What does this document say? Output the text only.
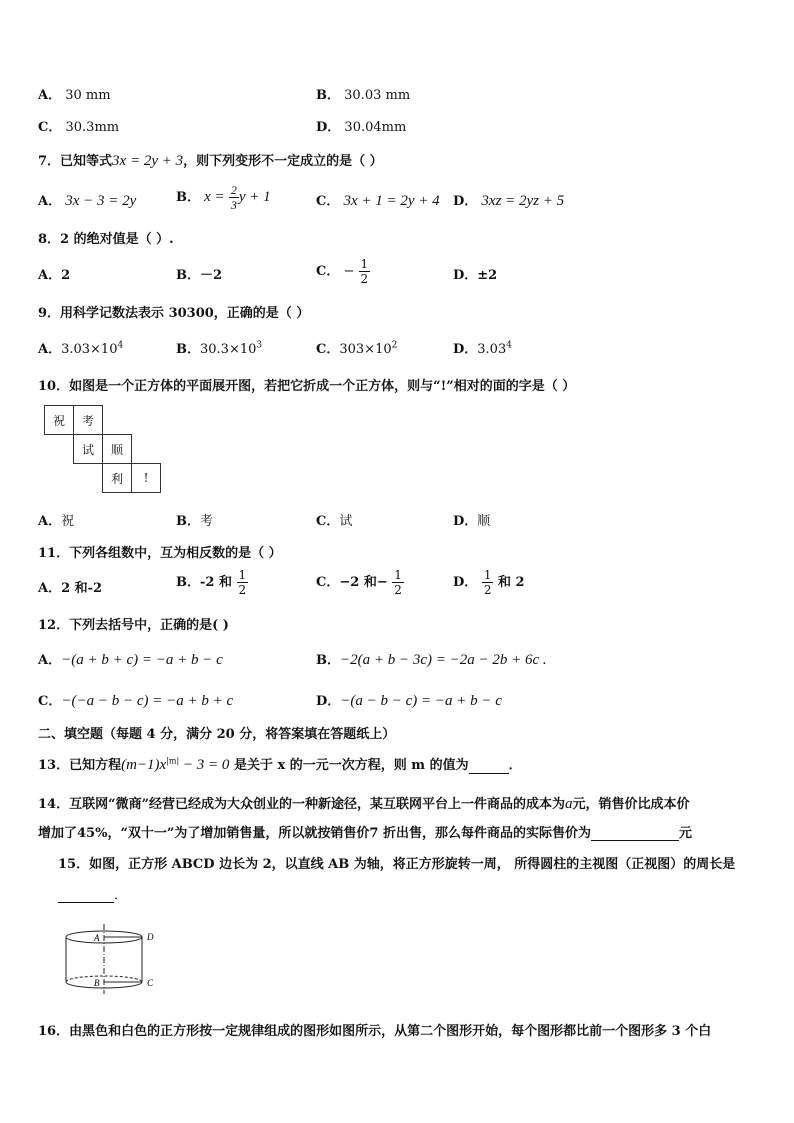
A． 30 mm	B． 30.03 mm
C． 30.3mm	D． 30.04mm
7．已知等式3x = 2y + 3，则下列变形不一定成立的是（ ）
A． 3x − 3 = 2y	B． $x = \frac{2}{3}$ y + 1	C． 3x + 1 = 2y + 4 D． 3xz = 2yz + 5
8．2 的绝对值是（ ）.
A．2	B．－2	C． − $\frac{1}{2}$	D．±2
9．用科学记数法表示 30300，正确的是（ ）
A．$3.03\times 10^4$	B．$30.3\times 10^3$	C．$303\times 10^2$	D．3.03$^4$
10．如图是一个正方体的平面展开图，若把它折成一个正方体，则与“!”相对的面的字是（ ）
祝	考
试	顺
利	!
A．祝	B．考	C．试	D．顺
11．下列各组数中，互为相反数的是（ ）
A．2 和-2	B．-2 和 $\frac{1}{2}$	C．−2 和− $\frac{1}{2}$	D． $\frac{1}{2}$ 和 2
12．下列去括号中，正确的是( )
A．−(a + b + c) = −a + b − c	B．−2(a + b − 3c) = −2a − 2b + 6c .
C．−(−a − b − c) = −a + b + c	D．−(a − b − c) = −a + b − c
二、填空题（每题 4 分，满分 20 分，将答案填在答题纸上）
13．已知方程$(m-1)x^{|m|} - 3 = 0$ 是关于 x 的一元一次方程，则 m 的值为	．
14．互联网“微商”经营已经成为大众创业的一种新途径，某互联网平台上一件商品的成本为a元，销售价比成本价
增加了45%，“双十一”为了增加销售量，所以就按销售价7 折出售，那么每件商品的实际售价为	元
15．如图，正方形 ABCD 边长为 2，以直线 AB 为轴，将正方形旋转一周， 所得圆柱的主视图（正视图）的周长是
．
A	D
B	C
16．由黑色和白色的正方形按一定规律组成的图形如图所示，从第二个图形开始，每个图形都比前一个图形多 3 个白
